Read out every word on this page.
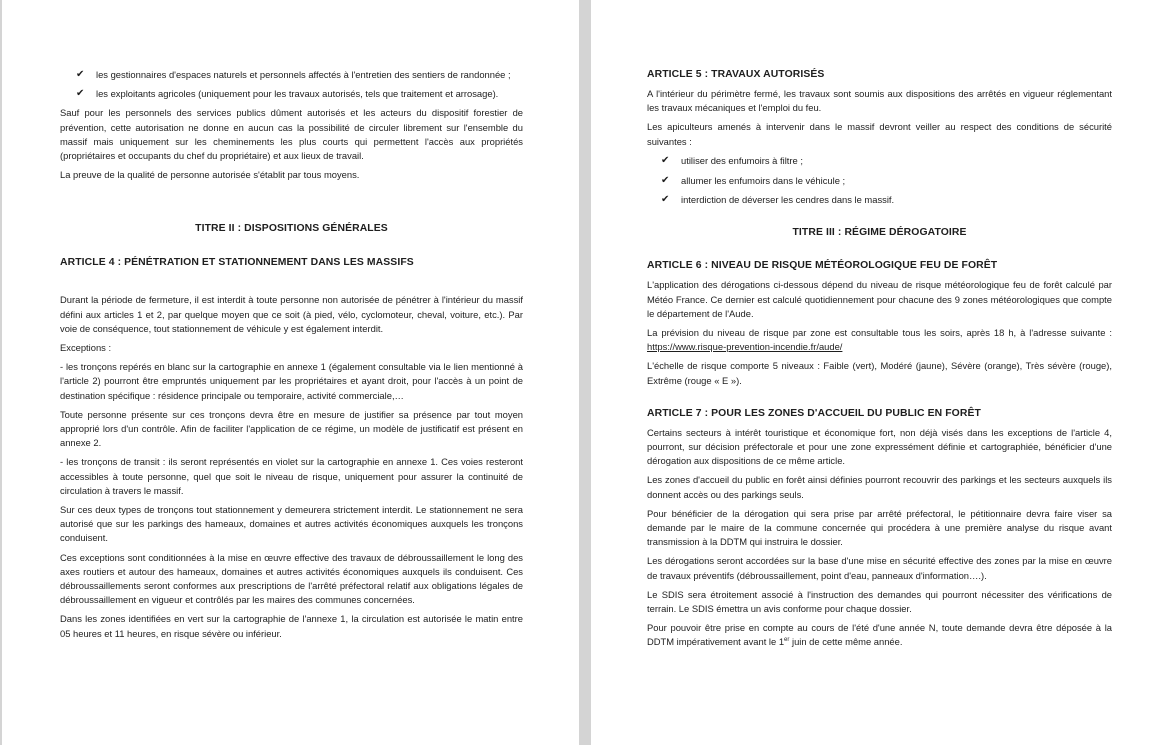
✔ les gestionnaires d'espaces naturels et personnels affectés à l'entretien des sentiers de randonnée ;
✔ les exploitants agricoles (uniquement pour les travaux autorisés, tels que traitement et arrosage).

Sauf pour les personnels des services publics dûment autorisés et les acteurs du dispositif forestier de prévention, cette autorisation ne donne en aucun cas la possibilité de circuler librement sur l'ensemble du massif mais uniquement sur les cheminements les plus courts qui permettent l'accès aux propriétés (propriétaires et occupants du chef du propriétaire) et aux lieux de travail.

La preuve de la qualité de personne autorisée s'établit par tous moyens.

TITRE II : DISPOSITIONS GÉNÉRALES

ARTICLE 4 : PÉNÉTRATION ET STATIONNEMENT DANS LES MASSIFS

Durant la période de fermeture, il est interdit à toute personne non autorisée de pénétrer à l'intérieur du massif défini aux articles 1 et 2, par quelque moyen que ce soit (à pied, vélo, cyclomoteur, cheval, voiture, etc.). Par voie de conséquence, tout stationnement de véhicule y est également interdit.

Exceptions :

- les tronçons repérés en blanc sur la cartographie en annexe 1 (également consultable via le lien mentionné à l'article 2) pourront être empruntés uniquement par les propriétaires et ayant droit, pour l'accès à un point de destination spécifique : résidence principale ou temporaire, activité commerciale,…

Toute personne présente sur ces tronçons devra être en mesure de justifier sa présence par tout moyen approprié lors d'un contrôle. Afin de faciliter l'application de ce régime, un modèle de justificatif est présent en annexe 2.

- les tronçons de transit : ils seront représentés en violet sur la cartographie en annexe 1. Ces voies resteront accessibles à toute personne, quel que soit le niveau de risque, uniquement pour assurer la continuité de circulation à travers le massif.

Sur ces deux types de tronçons tout stationnement y demeurera strictement interdit. Le stationnement ne sera autorisé que sur les parkings des hameaux, domaines et autres activités économiques auxquels les tronçons conduisent.

Ces exceptions sont conditionnées à la mise en œuvre effective des travaux de débroussaillement le long des axes routiers et autour des hameaux, domaines et autres activités économiques auxquels ils conduisent. Ces débroussaillements seront conformes aux prescriptions de l'arrêté préfectoral relatif aux obligations légales de débroussaillement en vigueur et contrôlés par les maires des communes concernées.

Dans les zones identifiées en vert sur la cartographie de l'annexe 1, la circulation est autorisée le matin entre 05 heures et 11 heures, en risque sévère ou inférieur.

ARTICLE 5 : TRAVAUX AUTORISÉS

A l'intérieur du périmètre fermé, les travaux sont soumis aux dispositions des arrêtés en vigueur réglementant les travaux mécaniques et l'emploi du feu.

Les apiculteurs amenés à intervenir dans le massif devront veiller au respect des conditions de sécurité suivantes :

✔ utiliser des enfumoirs à filtre ;
✔ allumer les enfumoirs dans le véhicule ;
✔ interdiction de déverser les cendres dans le massif.

TITRE III : RÉGIME DÉROGATOIRE

ARTICLE 6 : NIVEAU DE RISQUE MÉTÉOROLOGIQUE FEU DE FORÊT

L'application des dérogations ci-dessous dépend du niveau de risque météorologique feu de forêt calculé par Météo France. Ce dernier est calculé quotidiennement pour chacune des 9 zones météorologiques que compte le département de l'Aude.

La prévision du niveau de risque par zone est consultable tous les soirs, après 18 h, à l'adresse suivante : https://www.risque-prevention-incendie.fr/aude/

L'échelle de risque comporte 5 niveaux : Faible (vert), Modéré (jaune), Sévère (orange), Très sévère (rouge), Extrême (rouge « E »).

ARTICLE 7 : POUR LES ZONES D'ACCUEIL DU PUBLIC EN FORÊT

Certains secteurs à intérêt touristique et économique fort, non déjà visés dans les exceptions de l'article 4, pourront, sur décision préfectorale et pour une zone expressément définie et cartographiée, bénéficier d'une dérogation aux dispositions de ce même article.

Les zones d'accueil du public en forêt ainsi définies pourront recouvrir des parkings et les secteurs auxquels ils donnent accès ou des parkings seuls.

Pour bénéficier de la dérogation qui sera prise par arrêté préfectoral, le pétitionnaire devra faire viser sa demande par le maire de la commune concernée qui procédera à une première analyse du risque avant transmission à la DDTM qui instruira le dossier.

Les dérogations seront accordées sur la base d'une mise en sécurité effective des zones par la mise en œuvre de travaux préventifs (débroussaillement, point d'eau, panneaux d'information….).

Le SDIS sera étroitement associé à l'instruction des demandes qui pourront nécessiter des vérifications de terrain. Le SDIS émettra un avis conforme pour chaque dossier.

Pour pouvoir être prise en compte au cours de l'été d'une année N, toute demande devra être déposée à la DDTM impérativement avant le 1er juin de cette même année.
